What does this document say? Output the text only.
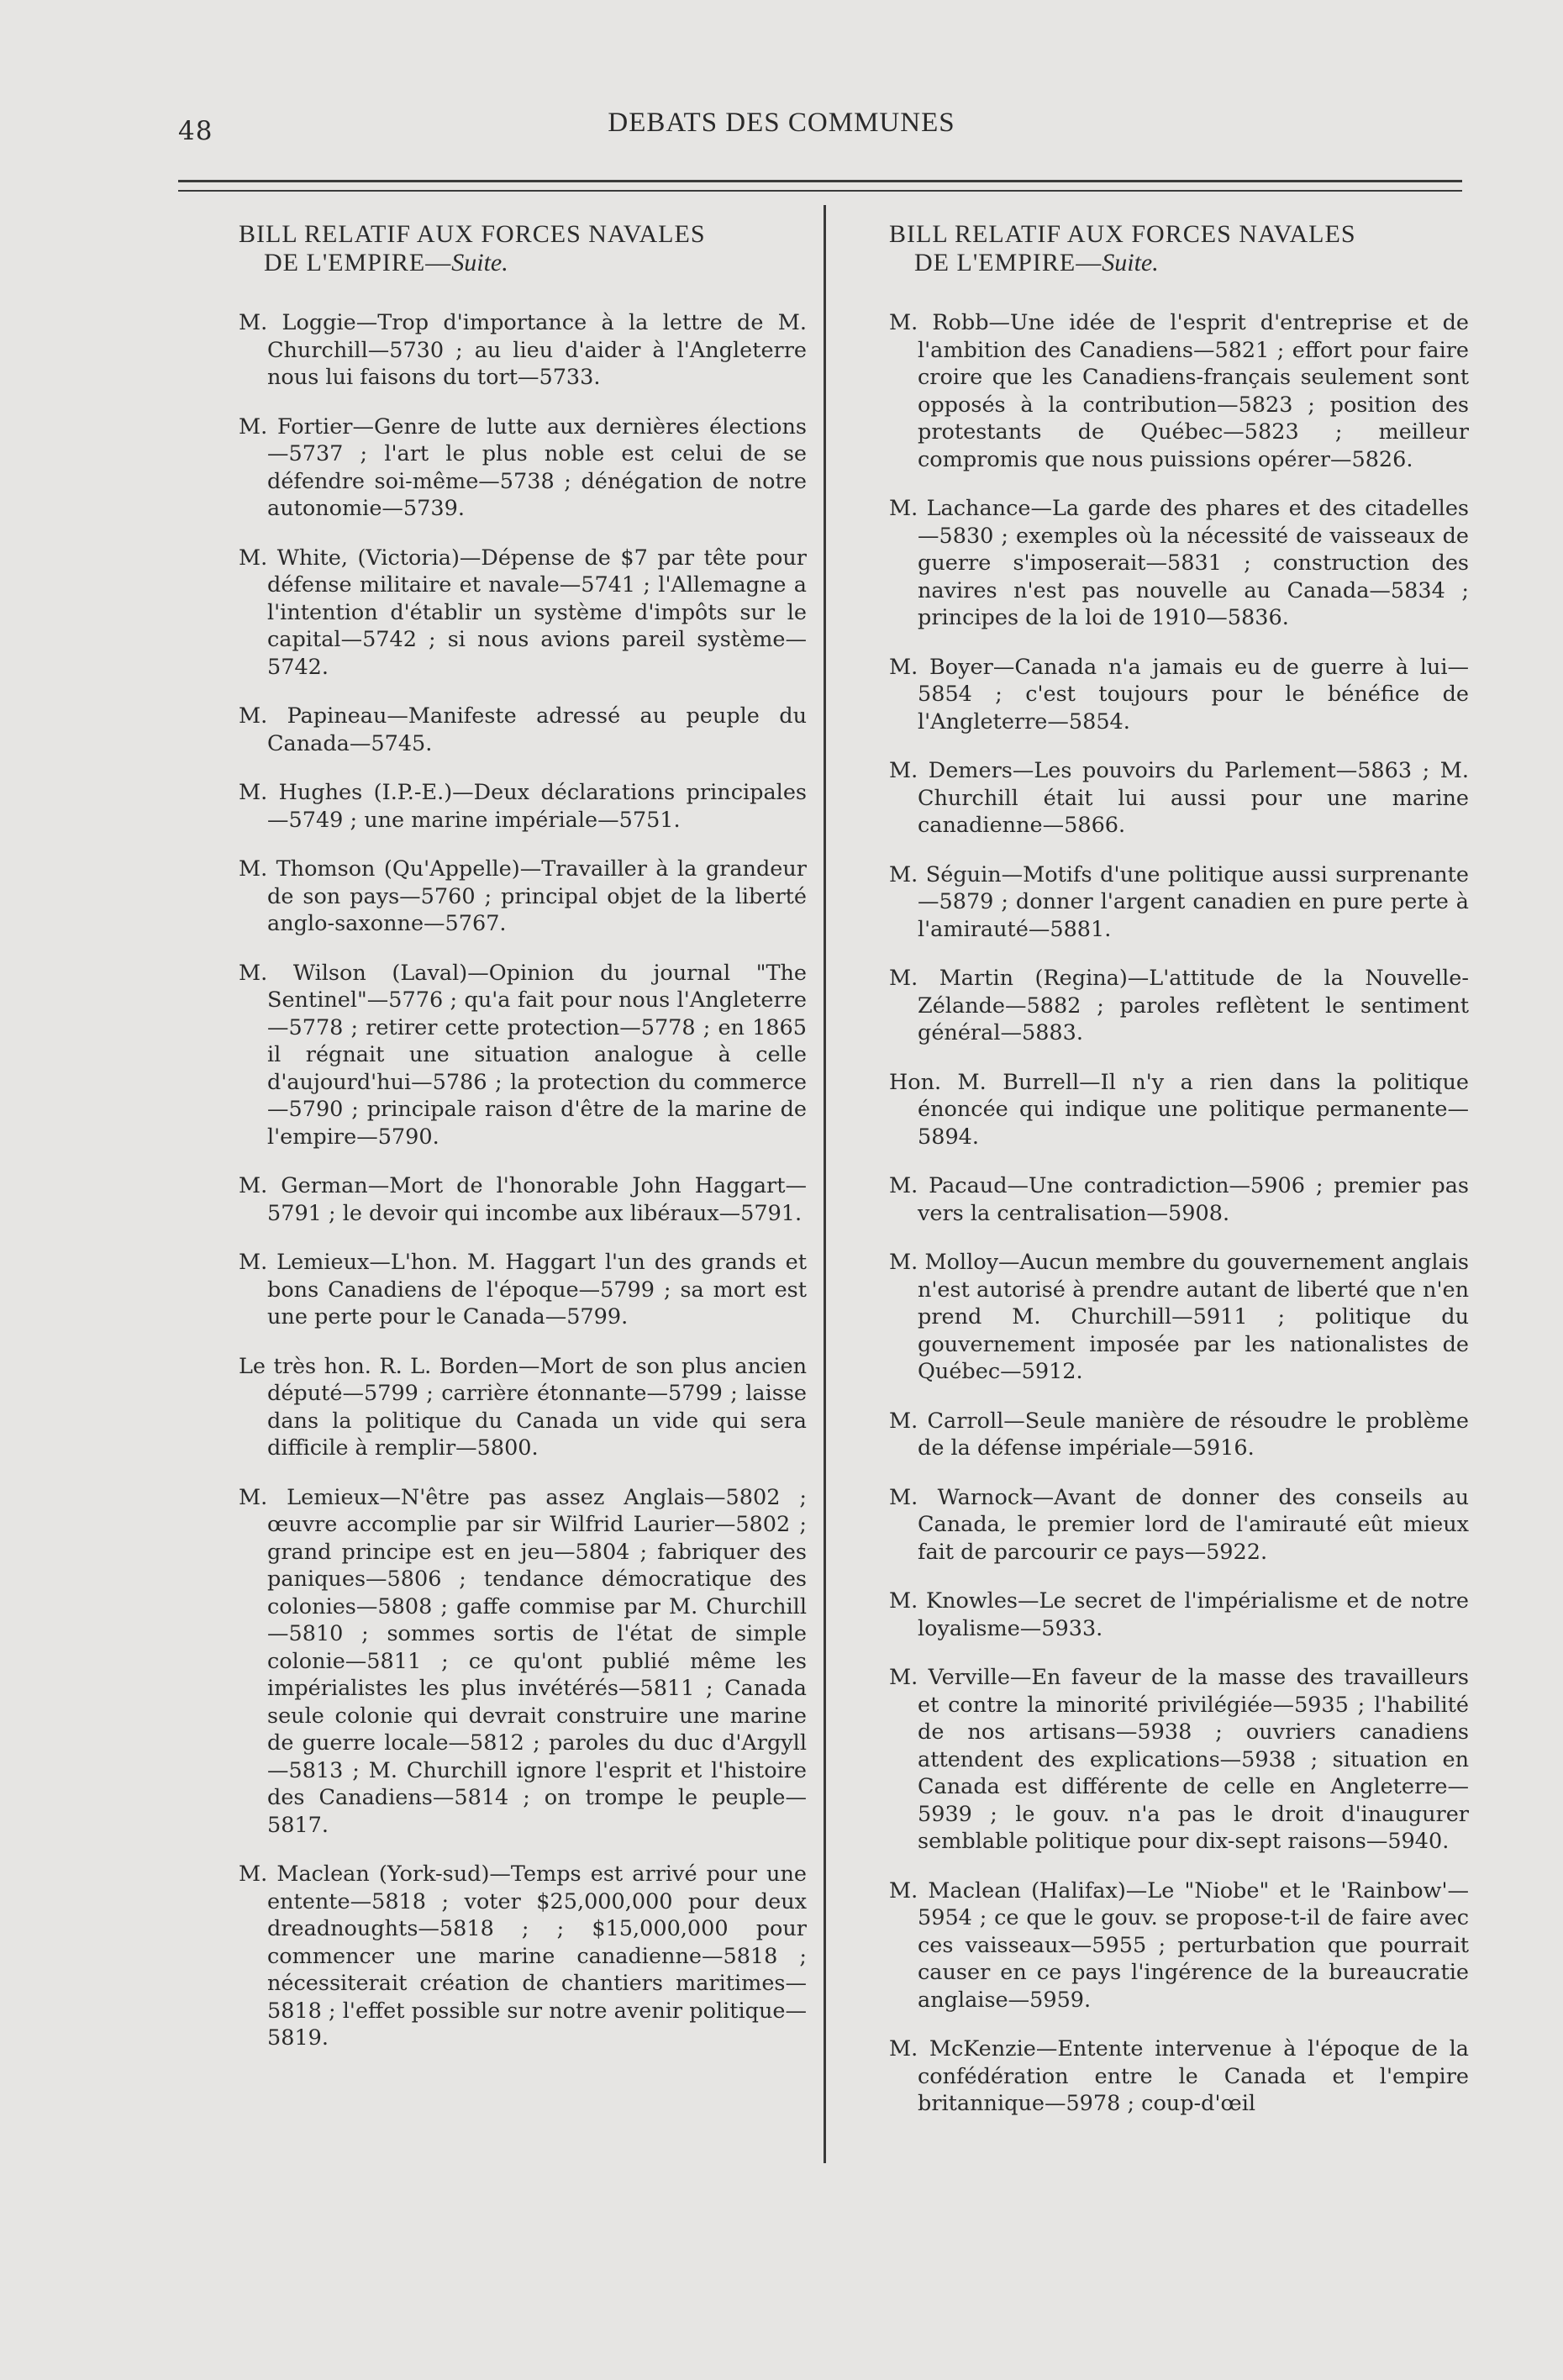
48	DEBATS DES COMMUNES
BILL RELATIF AUX FORCES NAVALES
DE L'EMPIRE—Suite.

M. Loggie—Trop d'importance à la lettre de M. Churchill—5730 ; au lieu d'aider à l'Angleterre nous lui faisons du tort—5733.

M. Fortier—Genre de lutte aux dernières élections—5737 ; l'art le plus noble est celui de se défendre soi-même—5738 ; dénégation de notre autonomie—5739.

M. White, (Victoria)—Dépense de $7 par tête pour défense militaire et navale—5741 ; l'Allemagne a l'intention d'établir un système d'impôts sur le capital—5742 ; si nous avions pareil système—5742.

M. Papineau—Manifeste adressé au peuple du Canada—5745.

M. Hughes (I.P.-E.)—Deux déclarations principales—5749 ; une marine impériale—5751.

M. Thomson (Qu'Appelle)—Travailler à la grandeur de son pays—5760 ; principal objet de la liberté anglo-saxonne—5767.

M. Wilson (Laval)—Opinion du journal "The Sentinel"—5776 ; qu'a fait pour nous l'Angleterre—5778 ; retirer cette protection—5778 ; en 1865 il régnait une situation analogue à celle d'aujourd'hui—5786 ; la protection du commerce—5790 ; principale raison d'être de la marine de l'empire—5790.

M. German—Mort de l'honorable John Haggart—5791 ; le devoir qui incombe aux libéraux—5791.

M. Lemieux—L'hon. M. Haggart l'un des grands et bons Canadiens de l'époque—5799 ; sa mort est une perte pour le Canada—5799.

Le très hon. R. L. Borden—Mort de son plus ancien député—5799 ; carrière étonnante—5799 ; laisse dans la politique du Canada un vide qui sera difficile à remplir—5800.

M. Lemieux—N'être pas assez Anglais—5802 ; œuvre accomplie par sir Wilfrid Laurier—5802 ; grand principe est en jeu—5804 ; fabriquer des paniques—5806 ; tendance démocratique des colonies—5808 ; gaffe commise par M. Churchill—5810 ; sommes sortis de l'état de simple colonie—5811 ; ce qu'ont publié même les impérialistes les plus invétérés—5811 ; Canada seule colonie qui devrait construire une marine de guerre locale—5812 ; paroles du duc d'Argyll—5813 ; M. Churchill ignore l'esprit et l'histoire des Canadiens—5814 ; on trompe le peuple—5817.

M. Maclean (York-sud)—Temps est arrivé pour une entente—5818 ; voter $25,000,000 pour deux dreadnoughts—5818 ; ; $15,000,000 pour commencer une marine canadienne—5818 ; nécessiterait création de chantiers maritimes—5818 ; l'effet possible sur notre avenir politique—5819.

BILL RELATIF AUX FORCES NAVALES
DE L'EMPIRE—Suite.

M. Robb—Une idée de l'esprit d'entreprise et de l'ambition des Canadiens—5821 ; effort pour faire croire que les Canadiens-français seulement sont opposés à la contribution—5823 ; position des protestants de Québec—5823 ; meilleur compromis que nous puissions opérer—5826.

M. Lachance—La garde des phares et des citadelles—5830 ; exemples où la nécessité de vaisseaux de guerre s'imposerait—5831 ; construction des navires n'est pas nouvelle au Canada—5834 ; principes de la loi de 1910—5836.

M. Boyer—Canada n'a jamais eu de guerre à lui—5854 ; c'est toujours pour le bénéfice de l'Angleterre—5854.

M. Demers—Les pouvoirs du Parlement—5863 ; M. Churchill était lui aussi pour une marine canadienne—5866.

M. Séguin—Motifs d'une politique aussi surprenante—5879 ; donner l'argent canadien en pure perte à l'amirauté—5881.

M. Martin (Regina)—L'attitude de la Nouvelle-Zélande—5882 ; paroles reflètent le sentiment général—5883.

Hon. M. Burrell—Il n'y a rien dans la politique énoncée qui indique une politique permanente—5894.

M. Pacaud—Une contradiction—5906 ; premier pas vers la centralisation—5908.

M. Molloy—Aucun membre du gouvernement anglais n'est autorisé à prendre autant de liberté que n'en prend M. Churchill—5911 ; politique du gouvernement imposée par les nationalistes de Québec—5912.

M. Carroll—Seule manière de résoudre le problème de la défense impériale—5916.

M. Warnock—Avant de donner des conseils au Canada, le premier lord de l'amirauté eût mieux fait de parcourir ce pays—5922.

M. Knowles—Le secret de l'impérialisme et de notre loyalisme—5933.

M. Verville—En faveur de la masse des travailleurs et contre la minorité privilégiée—5935 ; l'habilité de nos artisans—5938 ; ouvriers canadiens attendent des explications—5938 ; situation en Canada est différente de celle en Angleterre—5939 ; le gouv. n'a pas le droit d'inaugurer semblable politique pour dix-sept raisons—5940.

M. Maclean (Halifax)—Le "Niobe" et le 'Rainbow'—5954 ; ce que le gouv. se propose-t-il de faire avec ces vaisseaux—5955 ; perturbation que pourrait causer en ce pays l'ingérence de la bureaucratie anglaise—5959.

M. McKenzie—Entente intervenue à l'époque de la confédération entre le Canada et l'empire britannique—5978 ; coup-d'œil
